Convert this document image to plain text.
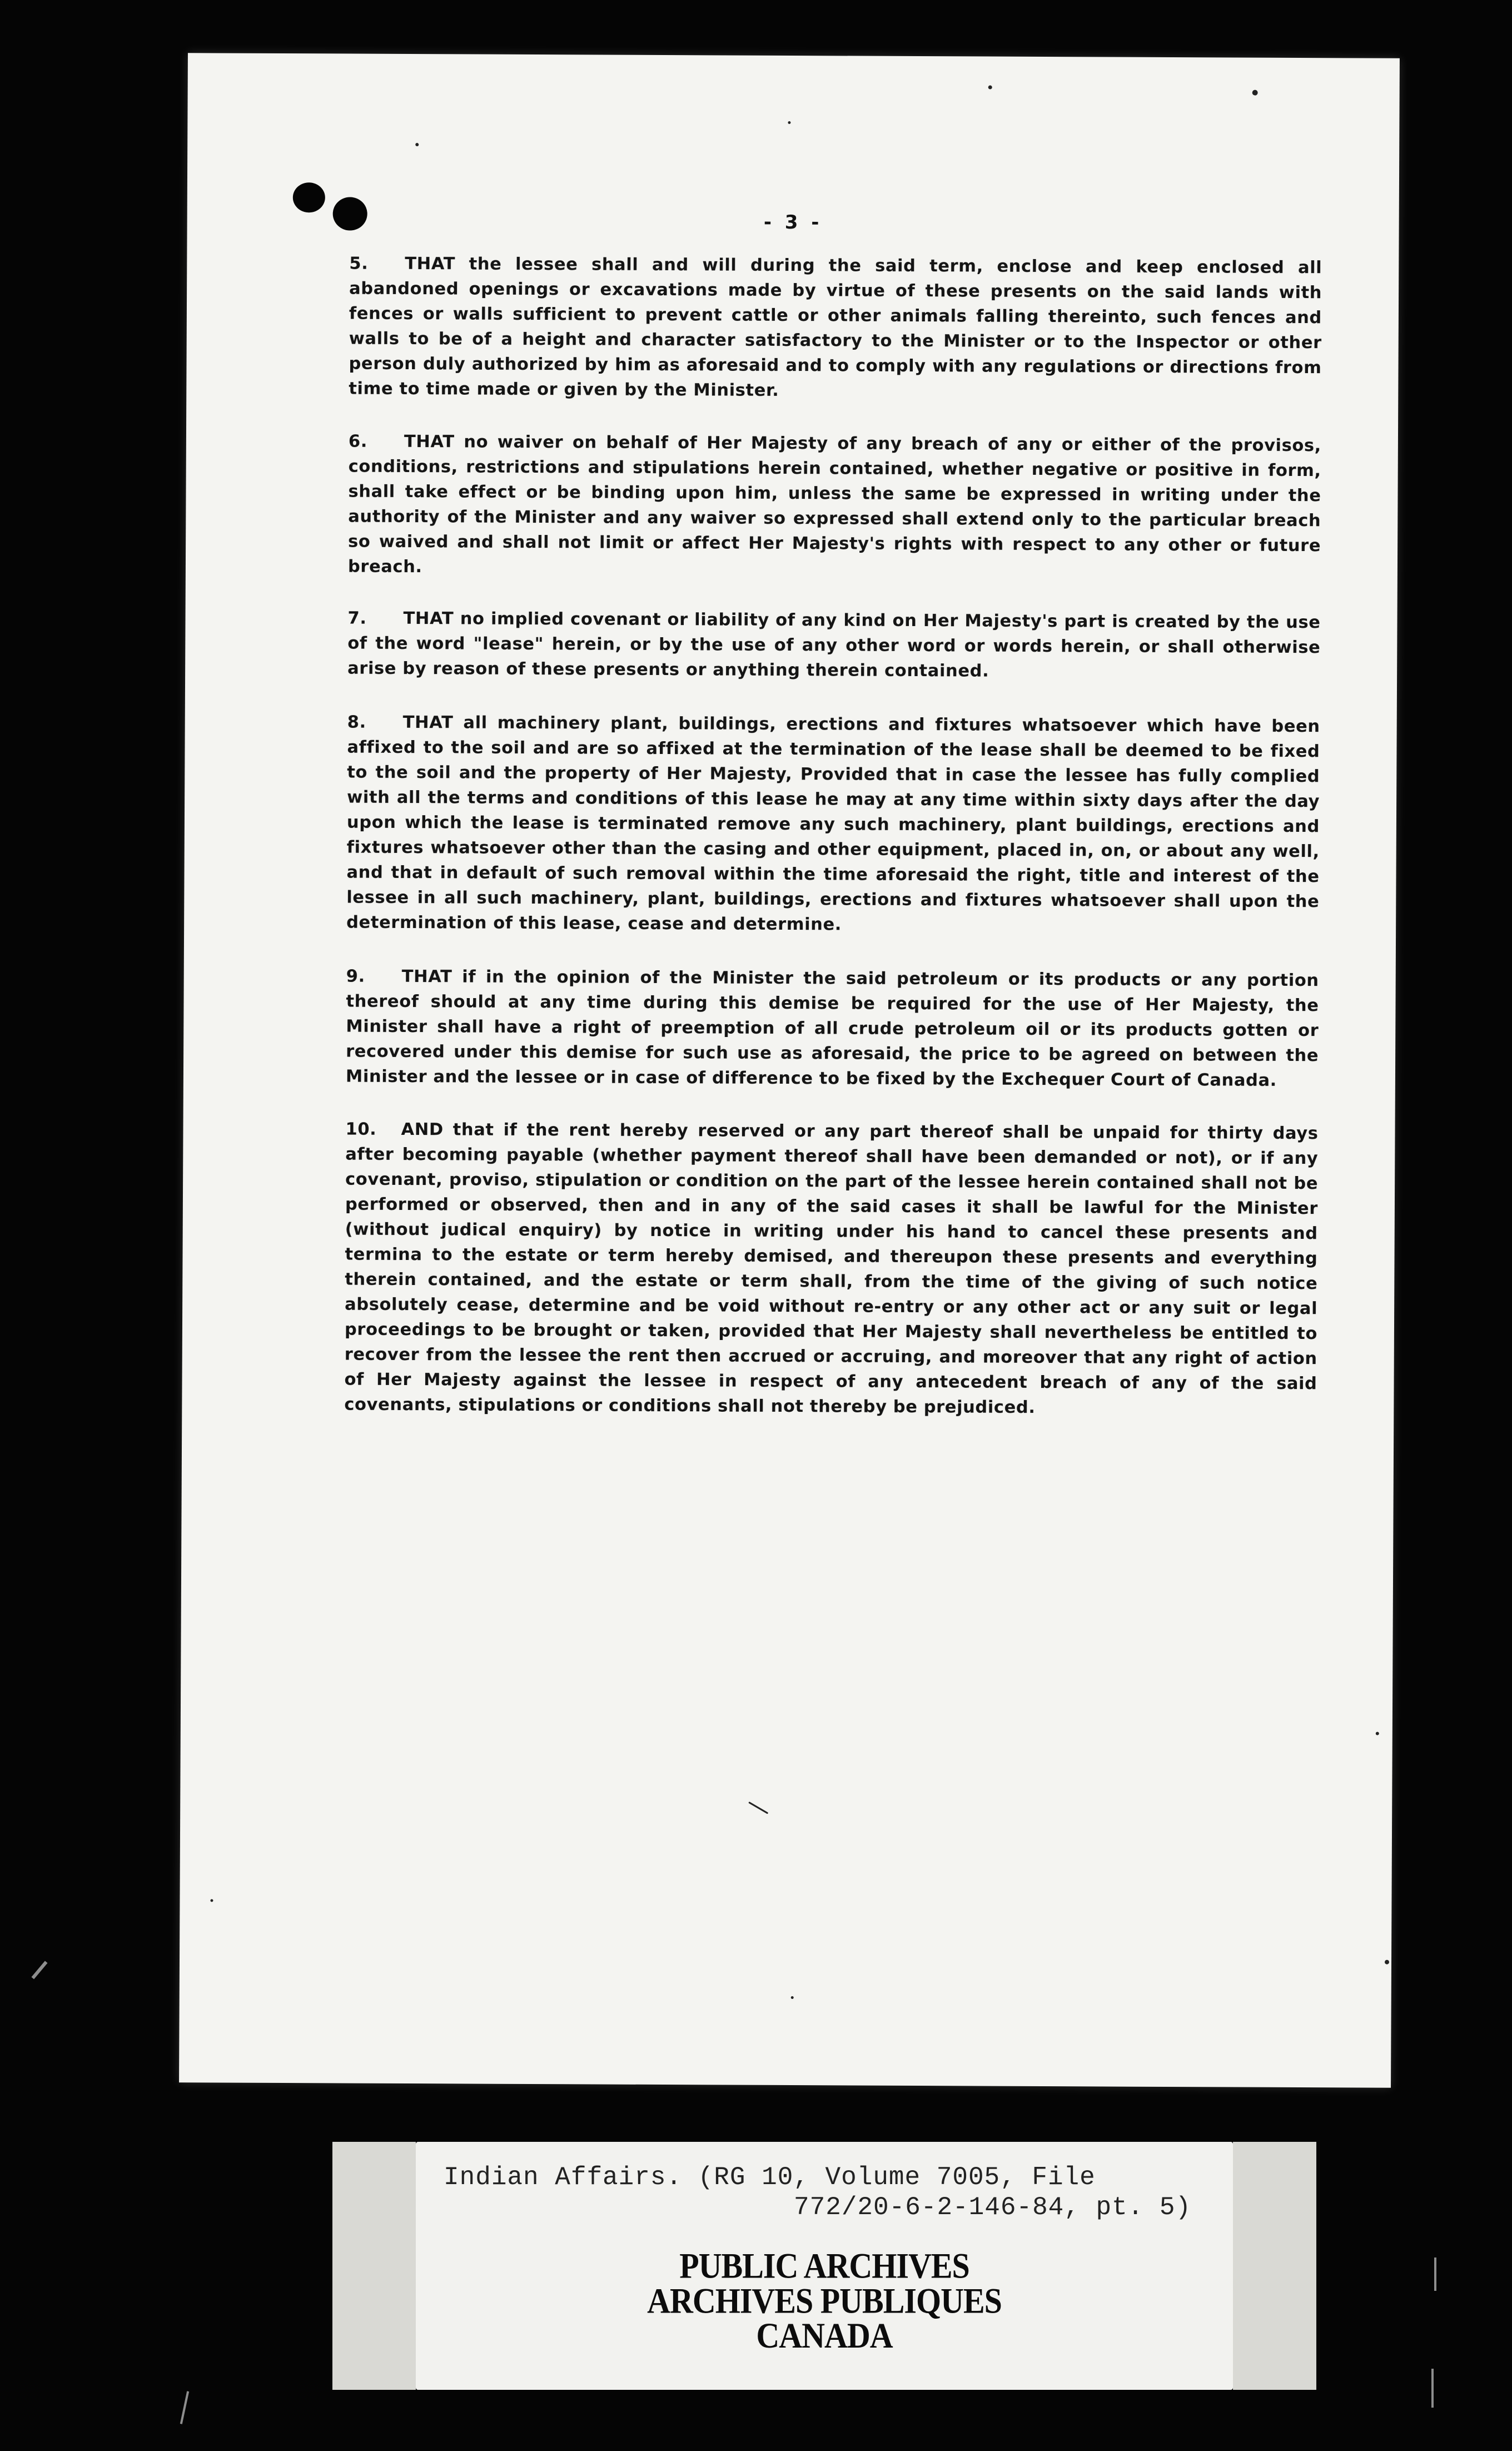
- 3 -

5. THAT the lessee shall and will during the said term, enclose and keep enclosed all abandoned openings or excavations made by virtue of these presents on the said lands with fences or walls sufficient to prevent cattle or other animals falling thereinto, such fences and walls to be of a height and character satisfactory to the Minister or to the Inspector or other person duly authorized by him as aforesaid and to comply with any regulations or directions from time to time made or given by the Minister.

6. THAT no waiver on behalf of Her Majesty of any breach of any or either of the provisos, conditions, restrictions and stipulations herein contained, whether negative or positive in form, shall take effect or be binding upon him, unless the same be expressed in writing under the authority of the Minister and any waiver so expressed shall extend only to the particular breach so waived and shall not limit or affect Her Majesty's rights with respect to any other or future breach.

7. THAT no implied covenant or liability of any kind on Her Majesty's part is created by the use of the word "lease" herein, or by the use of any other word or words herein, or shall otherwise arise by reason of these presents or anything therein contained.

8. THAT all machinery plant, buildings, erections and fixtures whatsoever which have been affixed to the soil and are so affixed at the termination of the lease shall be deemed to be fixed to the soil and the property of Her Majesty, Provided that in case the lessee has fully complied with all the terms and conditions of this lease he may at any time within sixty days after the day upon which the lease is terminated remove any such machinery, plant buildings, erections and fixtures whatsoever other than the casing and other equipment, placed in, on, or about any well, and that in default of such removal within the time aforesaid the right, title and interest of the lessee in all such machinery, plant, buildings, erections and fixtures whatsoever shall upon the determination of this lease, cease and determine.

9. THAT if in the opinion of the Minister the said petroleum or its products or any portion thereof should at any time during this demise be required for the use of Her Majesty, the Minister shall have a right of preemption of all crude petroleum oil or its products gotten or recovered under this demise for such use as aforesaid, the price to be agreed on between the Minister and the lessee or in case of difference to be fixed by the Exchequer Court of Canada.

10. AND that if the rent hereby reserved or any part thereof shall be unpaid for thirty days after becoming payable (whether payment thereof shall have been demanded or not), or if any covenant, proviso, stipulation or condition on the part of the lessee herein contained shall not be performed or observed, then and in any of the said cases it shall be lawful for the Minister (without judical enquiry) by notice in writing under his hand to cancel these presents and termina to the estate or term hereby demised, and thereupon these presents and everything therein contained, and the estate or term shall, from the time of the giving of such notice absolutely cease, determine and be void without re-entry or any other act or any suit or legal proceedings to be brought or taken, provided that Her Majesty shall nevertheless be entitled to recover from the lessee the rent then accrued or accruing, and moreover that any right of action of Her Majesty against the lessee in respect of any antecedent breach of any of the said covenants, stipulations or conditions shall not thereby be prejudiced.

Indian Affairs. (RG 10, Volume 7005, File
772/20-6-2-146-84, pt. 5)
PUBLIC ARCHIVES
ARCHIVES PUBLIQUES
CANADA
